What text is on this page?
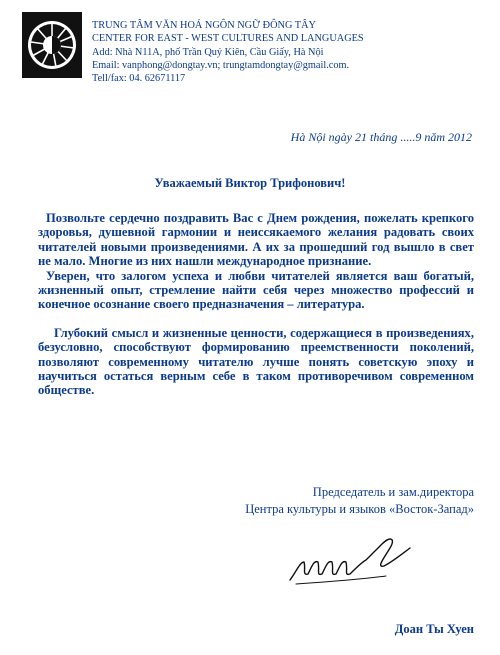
TRUNG TÂM VĂN HOÁ NGÔN NGỮ ĐÔNG TÂY
CENTER FOR EAST - WEST CULTURES AND LANGUAGES
Add: Nhà N11A, phố Trần Quý Kiên, Cầu Giấy, Hà Nội
Email: vanphong@dongtay.vn; trungtamdongtay@gmail.com.
Tell/fax: 04. 62671117
Hà Nội ngày 21 tháng .....9 năm 2012
Уважаемый Виктор Трифонович!

Позвольте сердечно поздравить Вас с Днем рождения, пожелать крепкого здоровья, душевной гармонии и неиссякаемого желания радовать своих читателей новыми произведениями. А их за прошедший год вышло в свет не мало. Многие из них нашли международное признание.

Уверен, что залогом успеха и любви читателей является ваш богатый, жизненный опыт, стремление найти себя через множество профессий и конечное осознание своего предназначения – литература.

Глубокий смысл и жизненные ценности, содержащиеся в произведениях, безусловно, способствуют формированию преемственности поколений, позволяют современному читателю лучше понять советскую эпоху и научиться остаться верным себе в таком противоречивом современном обществе.

Председатель и зам.директора
Центра культуры и языков «Восток-Запад»
Доан Ты Хуен
